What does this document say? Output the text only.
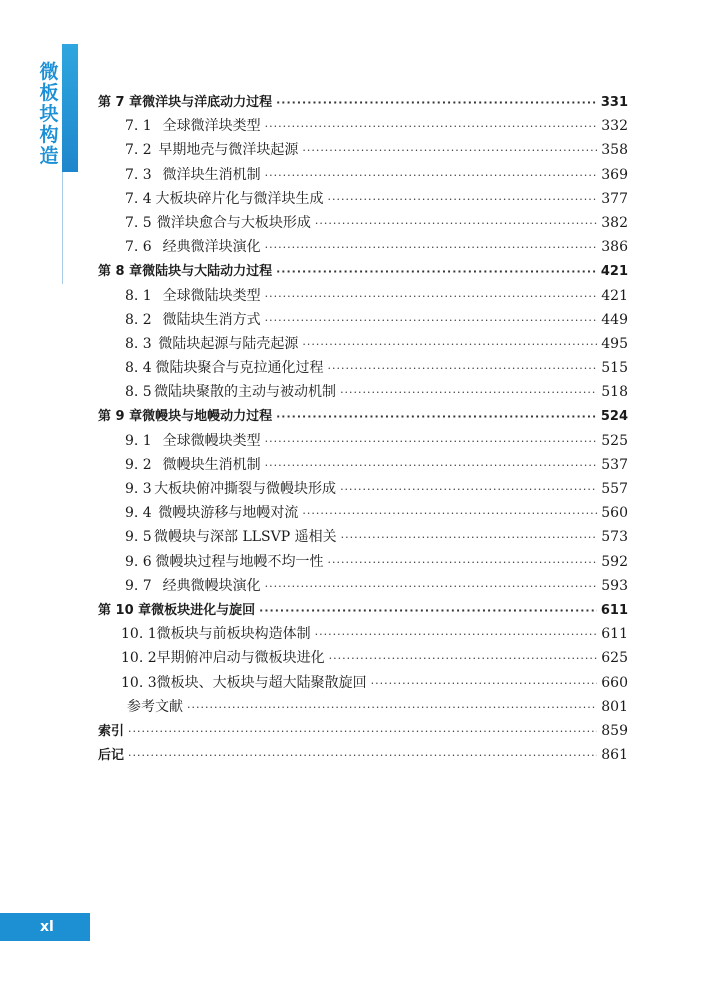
微
板
块
构
造
第 7 章 微洋块与洋底动力过程 ·····	331
7. 1 全球微洋块类型 ·····	332
7. 2 早期地壳与微洋块起源 ·····	358
7. 3 微洋块生消机制 ·····	369
7. 4 大板块碎片化与微洋块生成 ·····	377
7. 5 微洋块愈合与大板块形成 ·····	382
7. 6 经典微洋块演化 ·····	386
第 8 章 微陆块与大陆动力过程 ·····	421
8. 1 全球微陆块类型 ·····	421
8. 2 微陆块生消方式 ·····	449
8. 3 微陆块起源与陆壳起源 ·····	495
8. 4 微陆块聚合与克拉通化过程 ·····	515
8. 5 微陆块聚散的主动与被动机制 ·····	518
第 9 章 微幔块与地幔动力过程 ·····	524
9. 1 全球微幔块类型 ·····	525
9. 2 微幔块生消机制 ·····	537
9. 3 大板块俯冲撕裂与微幔块形成 ·····	557
9. 4 微幔块游移与地幔对流 ·····	560
9. 5 微幔块与深部 LLSVP 遥相关 ·····	573
9. 6 微幔块过程与地幔不均一性 ·····	592
9. 7 经典微幔块演化 ·····	593
第 10 章 微板块进化与旋回 ·····	611
10. 1 微板块与前板块构造体制 ·····	611
10. 2 早期俯冲启动与微板块进化 ·····	625
10. 3 微板块、大板块与超大陆聚散旋回 ·····	660
参考文献 ·····	801
索引 ·····	859
后记 ·····	861
xl
